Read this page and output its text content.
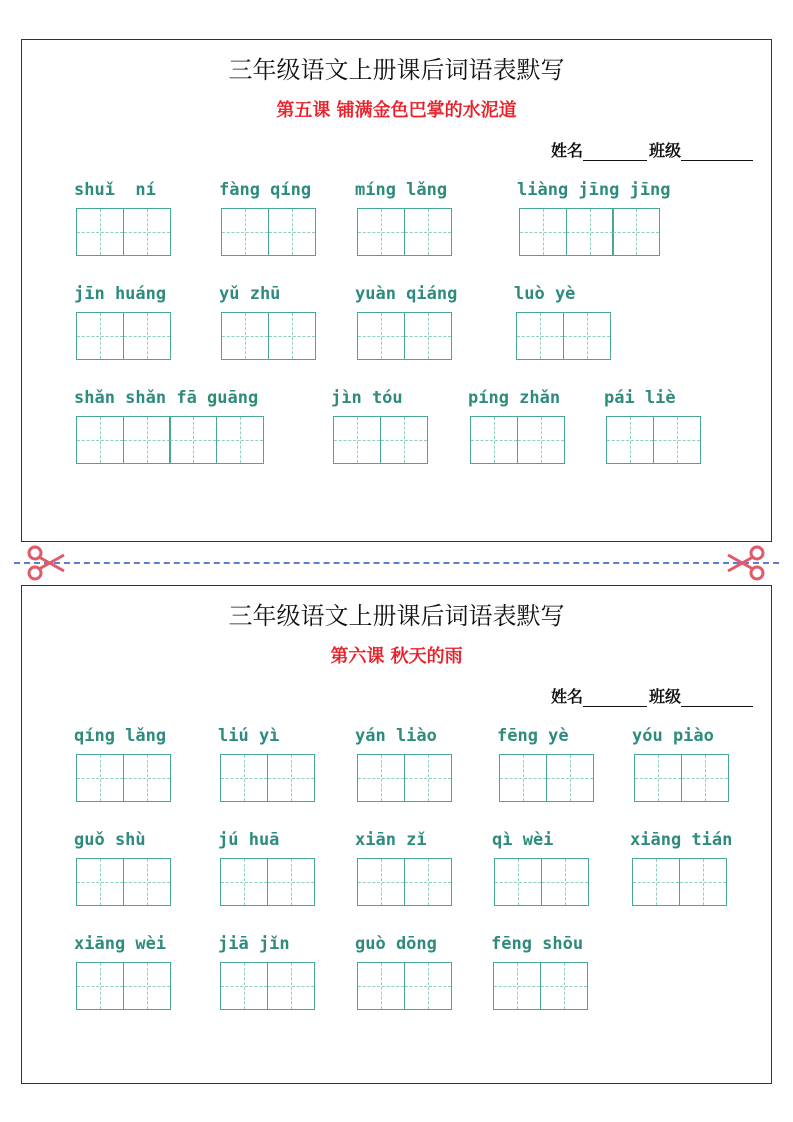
三年级语文上册课后词语表默写
第五课 铺满金色巴掌的水泥道
姓名	班级
shuǐ  ní	fàng qíng	míng lǎng	liàng jīng jīng
jīn huáng	yǔ zhū	yuàn qiáng	luò yè
shǎn shǎn fā guāng	jìn tóu	píng zhǎn	pái liè
三年级语文上册课后词语表默写
第六课 秋天的雨
姓名	班级
qíng lǎng	liú yì	yán liào	fēng yè	yóu piào
guǒ shù	jú huā	xiān zǐ	qì wèi	xiāng tián
xiāng wèi	jiā jǐn	guò dōng	fēng shōu
